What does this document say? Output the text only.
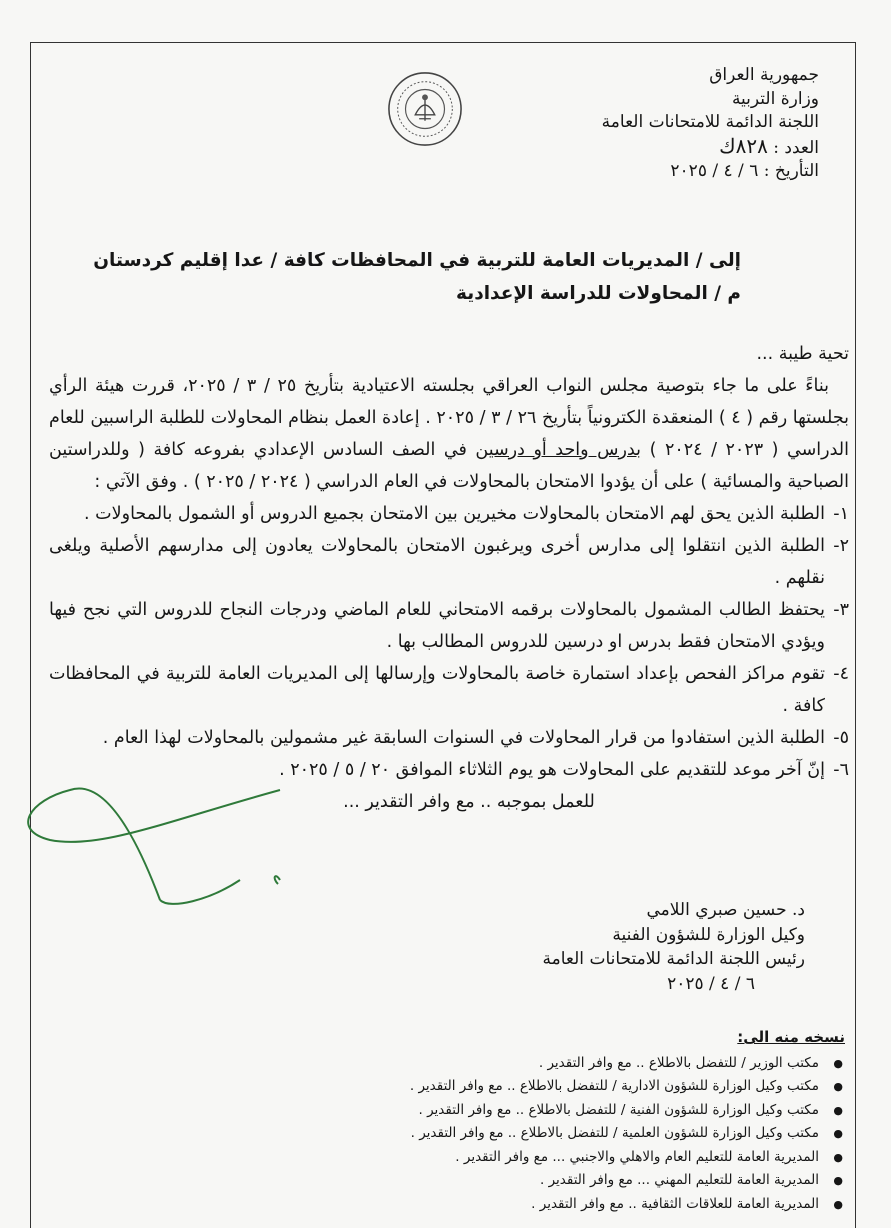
جمهورية العراق
وزارة التربية
اللجنة الدائمة للامتحانات العامة
العدد : ٨٢٨ك
التأريخ : ٦ / ٤ / ٢٠٢٥
إلى / المديريات العامة للتربية في المحافظات كافة / عدا إقليم كردستان
م / المحاولات للدراسة الإعدادية

تحية طيبة ...

بناءً على ما جاء بتوصية مجلس النواب العراقي بجلسته الاعتيادية بتأريخ ٢٥ / ٣ / ٢٠٢٥، قررت هيئة الرأي بجلستها رقم ( ٤ ) المنعقدة الكترونياً بتأريخ ٢٦ / ٣ / ٢٠٢٥ . إعادة العمل بنظام المحاولات للطلبة الراسبين للعام الدراسي ( ٢٠٢٣ / ٢٠٢٤ ) بدرس واحد أو درسين في الصف السادس الإعدادي بفروعه كافة ( وللدراستين الصباحية والمسائية ) على أن يؤدوا الامتحان بالمحاولات في العام الدراسي ( ٢٠٢٤ / ٢٠٢٥ ) . وفق الآتي :

١-
الطلبة الذين يحق لهم الامتحان بالمحاولات مخيرين بين الامتحان بجميع الدروس أو الشمول بالمحاولات .
٢-
الطلبة الذين انتقلوا إلى مدارس أخرى ويرغبون الامتحان بالمحاولات يعادون إلى مدارسهم الأصلية ويلغى نقلهم .
٣-
يحتفظ الطالب المشمول بالمحاولات برقمه الامتحاني للعام الماضي ودرجات النجاح للدروس التي نجح فيها ويؤدي الامتحان فقط بدرس او درسين للدروس المطالب بها .
٤-
تقوم مراكز الفحص بإعداد استمارة خاصة بالمحاولات وإرسالها إلى المديريات العامة للتربية في المحافظات كافة .
٥-
الطلبة الذين استفادوا من قرار المحاولات في السنوات السابقة غير مشمولين بالمحاولات لهذا العام .
٦-
إنّ آخر موعد للتقديم على المحاولات هو يوم الثلاثاء الموافق ٢٠ / ٥ / ٢٠٢٥ .

للعمل بموجبه .. مع وافر التقدير ...

د. حسين صبري اللامي
وكيل الوزارة للشؤون الفنية
رئيس اللجنة الدائمة للامتحانات العامة
٦ / ٤ / ٢٠٢٥
نسخه منه الى:
● مكتب الوزير / للتفضل بالاطلاع .. مع وافر التقدير .
● مكتب وكيل الوزارة للشؤون الادارية / للتفضل بالاطلاع .. مع وافر التقدير .
● مكتب وكيل الوزارة للشؤون الفنية / للتفضل بالاطلاع .. مع وافر التقدير .
● مكتب وكيل الوزارة للشؤون العلمية / للتفضل بالاطلاع .. مع وافر التقدير .
● المديرية العامة للتعليم العام والاهلي والاجنبي ... مع وافر التقدير .
● المديرية العامة للتعليم المهني ... مع وافر التقدير .
● المديرية العامة للعلاقات الثقافية .. مع وافر التقدير .
